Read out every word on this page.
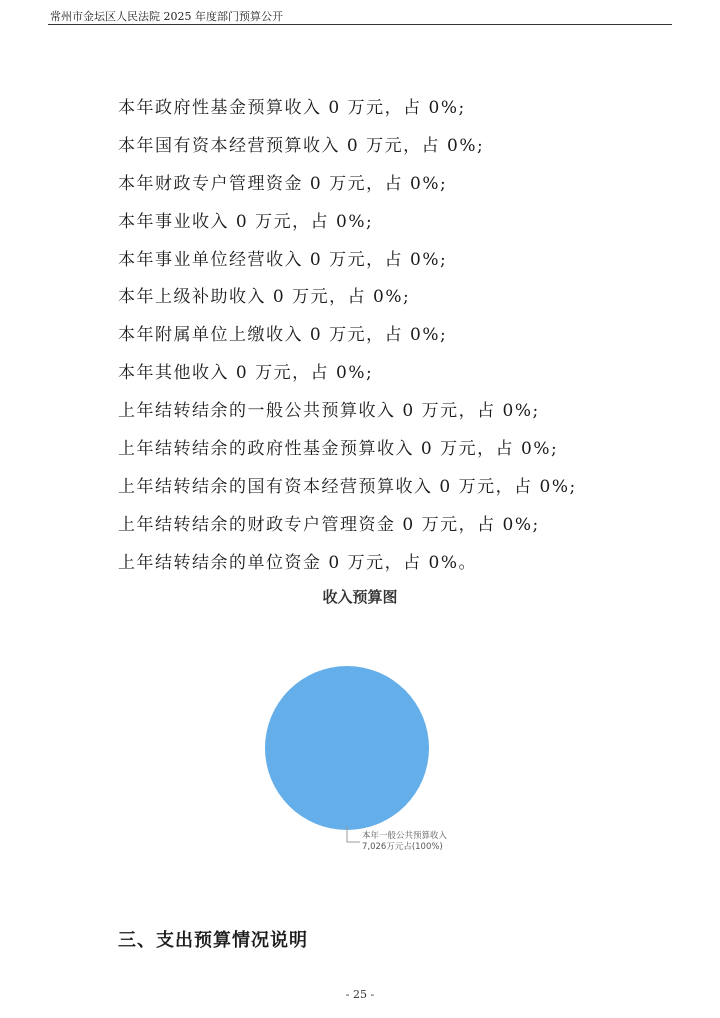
常州市金坛区人民法院 2025 年度部门预算公开
本年政府性基金预算收入 0 万元，占 0%;
本年国有资本经营预算收入 0 万元，占 0%;
本年财政专户管理资金 0 万元，占 0%;
本年事业收入 0 万元，占 0%;
本年事业单位经营收入 0 万元，占 0%;
本年上级补助收入 0 万元，占 0%;
本年附属单位上缴收入 0 万元，占 0%;
本年其他收入 0 万元，占 0%;
上年结转结余的一般公共预算收入 0 万元，占 0%;
上年结转结余的政府性基金预算收入 0 万元，占 0%;
上年结转结余的国有资本经营预算收入 0 万元，占 0%;
上年结转结余的财政专户管理资金 0 万元，占 0%;
上年结转结余的单位资金 0 万元，占 0%。
收入预算图
本年一般公共预算收入
7,026万元占(100%)
三、支出预算情况说明
- 25 -
